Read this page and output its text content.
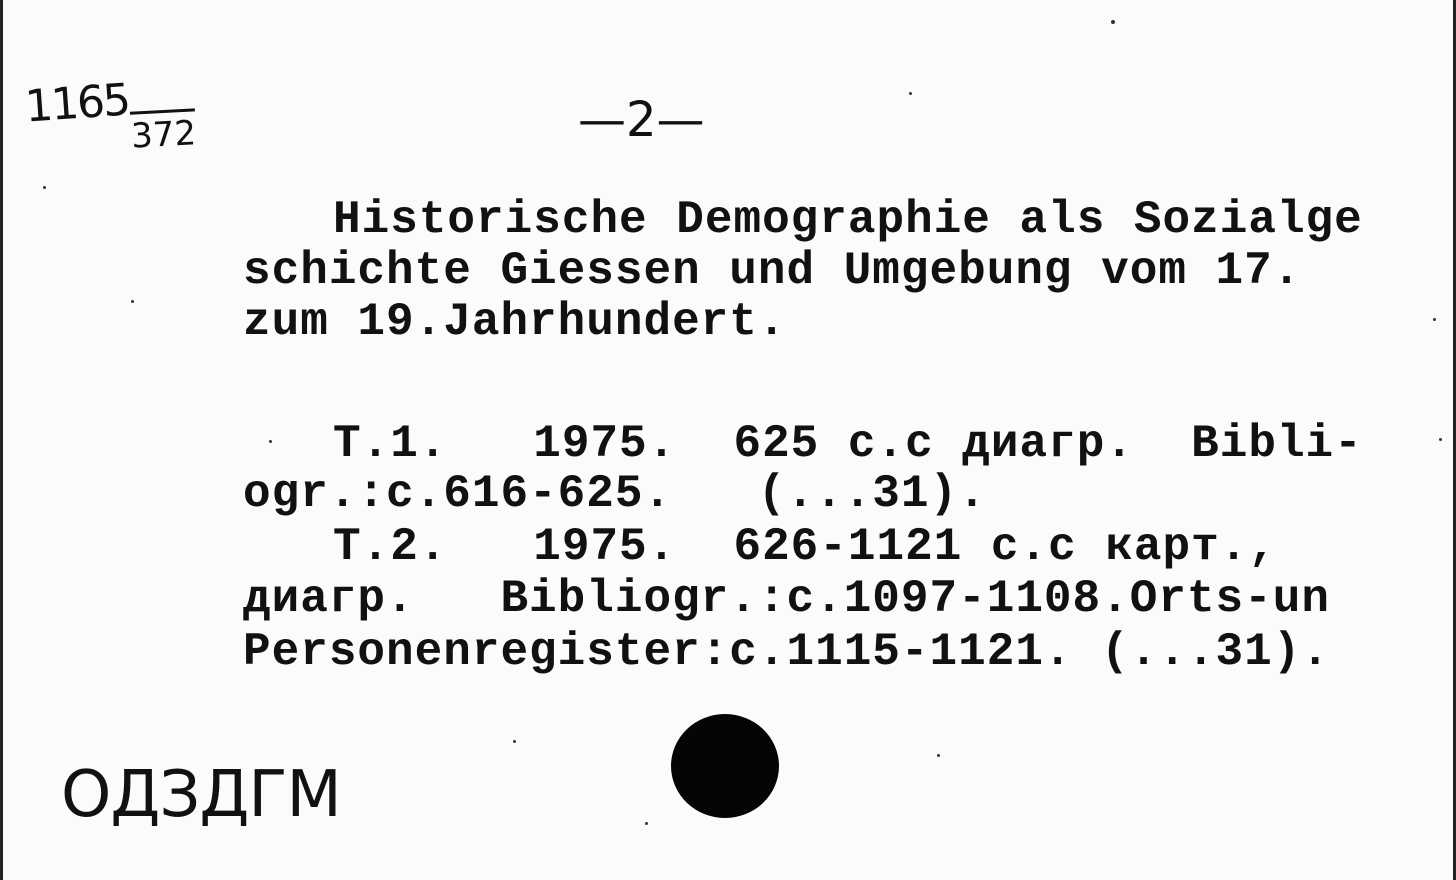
1165
372	—2—
Historische Demographie als Sozialge
schichte Giessen und Umgebung vom 17.
zum 19.Jahrhundert.
T.1.   1975.  625 c.c диагр.  Bibli-
ogr.:c.616-625.   (...31).
T.2.   1975.  626-1121 c.c карт.,
диагр.   Bibliogr.:c.1097-1108.Orts-un
Personenregister:c.1115-1121. (...31).
ОДЗДГМ
